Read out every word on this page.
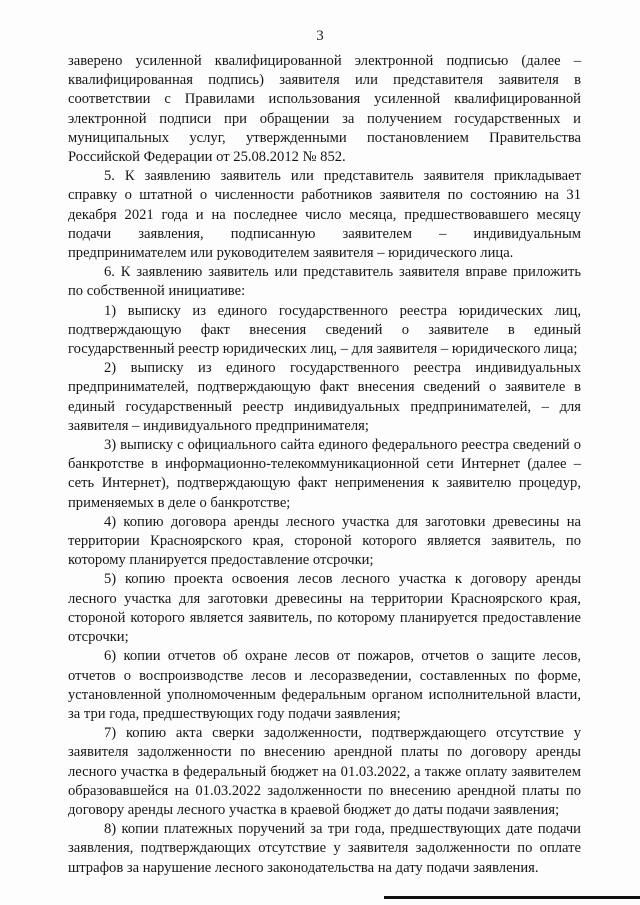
3

заверено усиленной квалифицированной электронной подписью (далее – квалифицированная подпись) заявителя или представителя заявителя в соответствии с Правилами использования усиленной квалифицированной электронной подписи при обращении за получением государственных и муниципальных услуг, утвержденными постановлением Правительства Российской Федерации от 25.08.2012 № 852.

5. К заявлению заявитель или представитель заявителя прикладывает справку о штатной о численности работников заявителя по состоянию на 31 декабря 2021 года и на последнее число месяца, предшествовавшего месяцу подачи заявления, подписанную заявителем – индивидуальным предпринимателем или руководителем заявителя – юридического лица.

6. К заявлению заявитель или представитель заявителя вправе приложить по собственной инициативе:

1) выписку из единого государственного реестра юридических лиц, подтверждающую факт внесения сведений о заявителе в единый государственный реестр юридических лиц, – для заявителя – юридического лица;

2) выписку из единого государственного реестра индивидуальных предпринимателей, подтверждающую факт внесения сведений о заявителе в единый государственный реестр индивидуальных предпринимателей, – для заявителя – индивидуального предпринимателя;

3) выписку с официального сайта единого федерального реестра сведений о банкротстве в информационно-телекоммуникационной сети Интернет (далее – сеть Интернет), подтверждающую факт неприменения к заявителю процедур, применяемых в деле о банкротстве;

4) копию договора аренды лесного участка для заготовки древесины на территории Красноярского края, стороной которого является заявитель, по которому планируется предоставление отсрочки;

5) копию проекта освоения лесов лесного участка к договору аренды лесного участка для заготовки древесины на территории Красноярского края, стороной которого является заявитель, по которому планируется предоставление отсрочки;

6) копии отчетов об охране лесов от пожаров, отчетов о защите лесов, отчетов о воспроизводстве лесов и лесоразведении, составленных по форме, установленной уполномоченным федеральным органом исполнительной власти, за три года, предшествующих году подачи заявления;

7) копию акта сверки задолженности, подтверждающего отсутствие у заявителя задолженности по внесению арендной платы по договору аренды лесного участка в федеральный бюджет на 01.03.2022, а также оплату заявителем образовавшейся на 01.03.2022 задолженности по внесению арендной платы по договору аренды лесного участка в краевой бюджет до даты подачи заявления;

8) копии платежных поручений за три года, предшествующих дате подачи заявления, подтверждающих отсутствие у заявителя задолженности по оплате штрафов за нарушение лесного законодательства на дату подачи заявления.
